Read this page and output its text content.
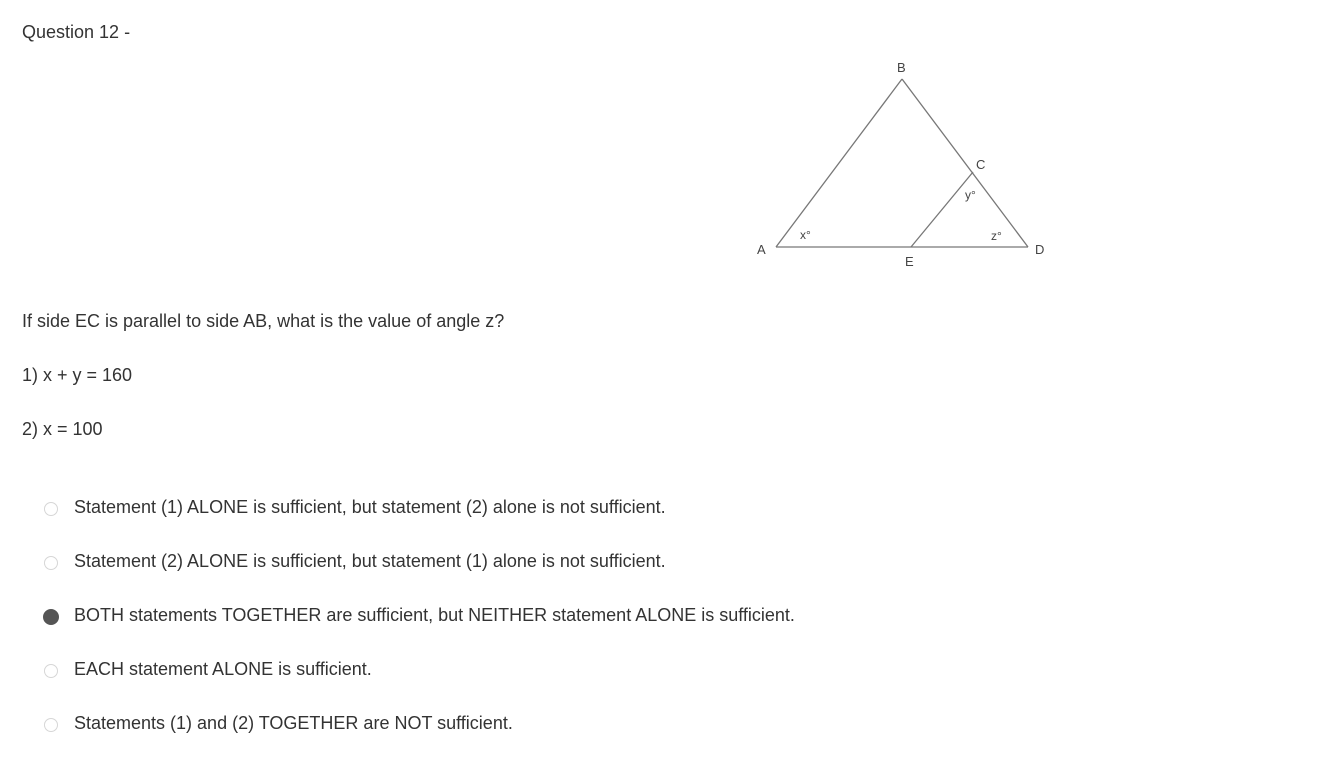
Question 12 -
B
C
A	D
E
x°
y°
z°
If side EC is parallel to side AB, what is the value of angle z?
1) x + y = 160
2) x = 100
Statement (1) ALONE is sufficient, but statement (2) alone is not sufficient.
Statement (2) ALONE is sufficient, but statement (1) alone is not sufficient.
BOTH statements TOGETHER are sufficient, but NEITHER statement ALONE is sufficient.
EACH statement ALONE is sufficient.
Statements (1) and (2) TOGETHER are NOT sufficient.
